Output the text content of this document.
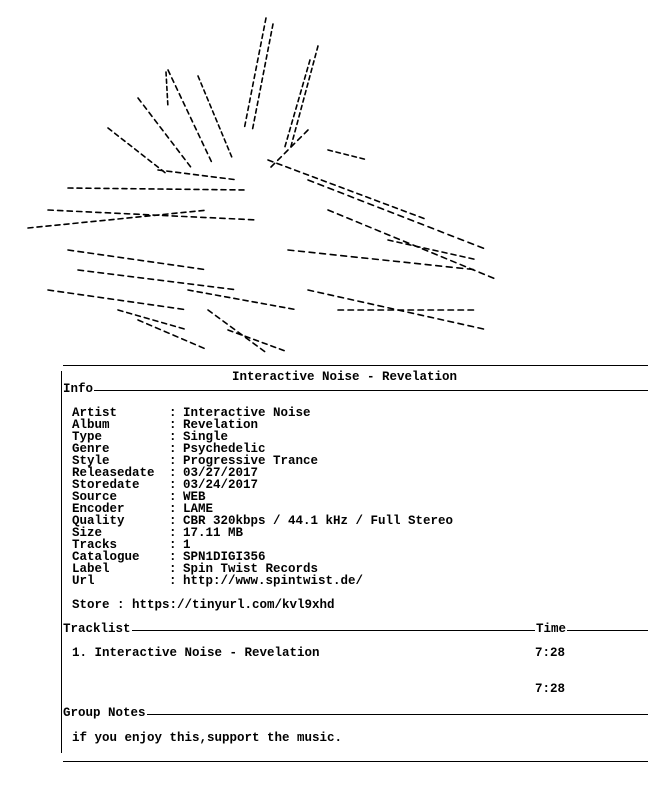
Interactive Noise - Revelation
Info
Artist	: Interactive Noise
Album	: Revelation
Type	: Single
Genre	: Psychedelic
Style	: Progressive Trance
Releasedate : 03/27/2017
Storedate : 03/24/2017
Source	: WEB
Encoder	: LAME
Quality	: CBR 320kbps / 44.1 kHz / Full Stereo
Size	: 17.11 MB
Tracks	: 1
Catalogue : SPN1DIGI356
Label	: Spin Twist Records
Url	: http://www.spintwist.de/
Store : https://tinyurl.com/kvl9xhd
Tracklist	Time
1. Interactive Noise - Revelation	7:28
7:28
Group Notes
if you enjoy this,support the music.
